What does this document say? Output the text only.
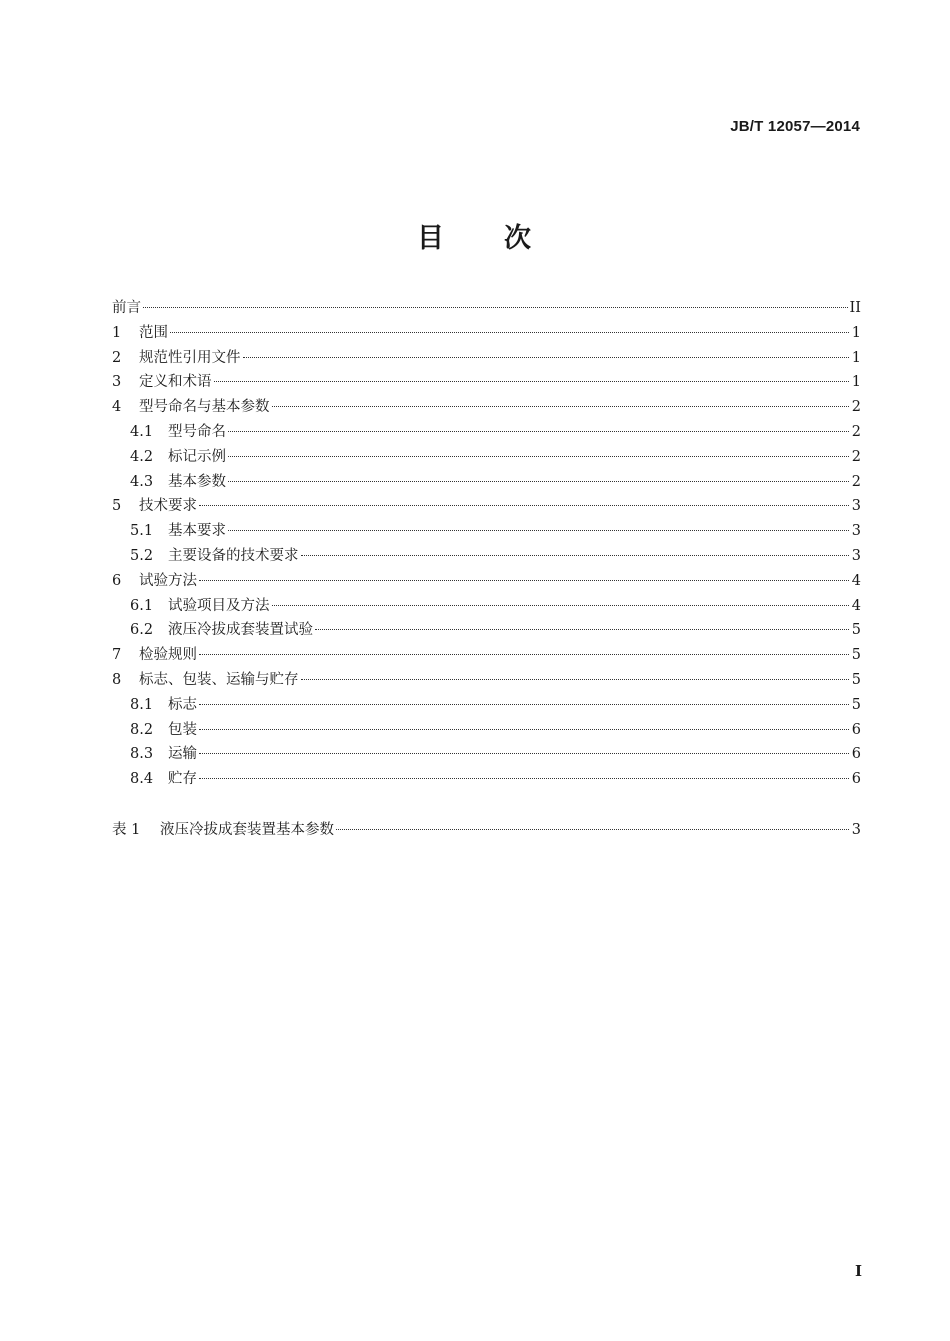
JB/T 12057—2014
目 次
前言	II
1	范围	1
2	规范性引用文件	1
3	定义和术语	1
4	型号命名与基本参数	2
4.1	型号命名	2
4.2	标记示例	2
4.3	基本参数	2
5	技术要求	3
5.1	基本要求	3
5.2	主要设备的技术要求	3
6	试验方法	4
6.1	试验项目及方法	4
6.2	液压冷拔成套装置试验	5
7	检验规则	5
8	标志、包装、运输与贮存	5
8.1	标志	5
8.2	包装	6
8.3	运输	6
8.4	贮存	6
表 1	液压冷拔成套装置基本参数	3
I
